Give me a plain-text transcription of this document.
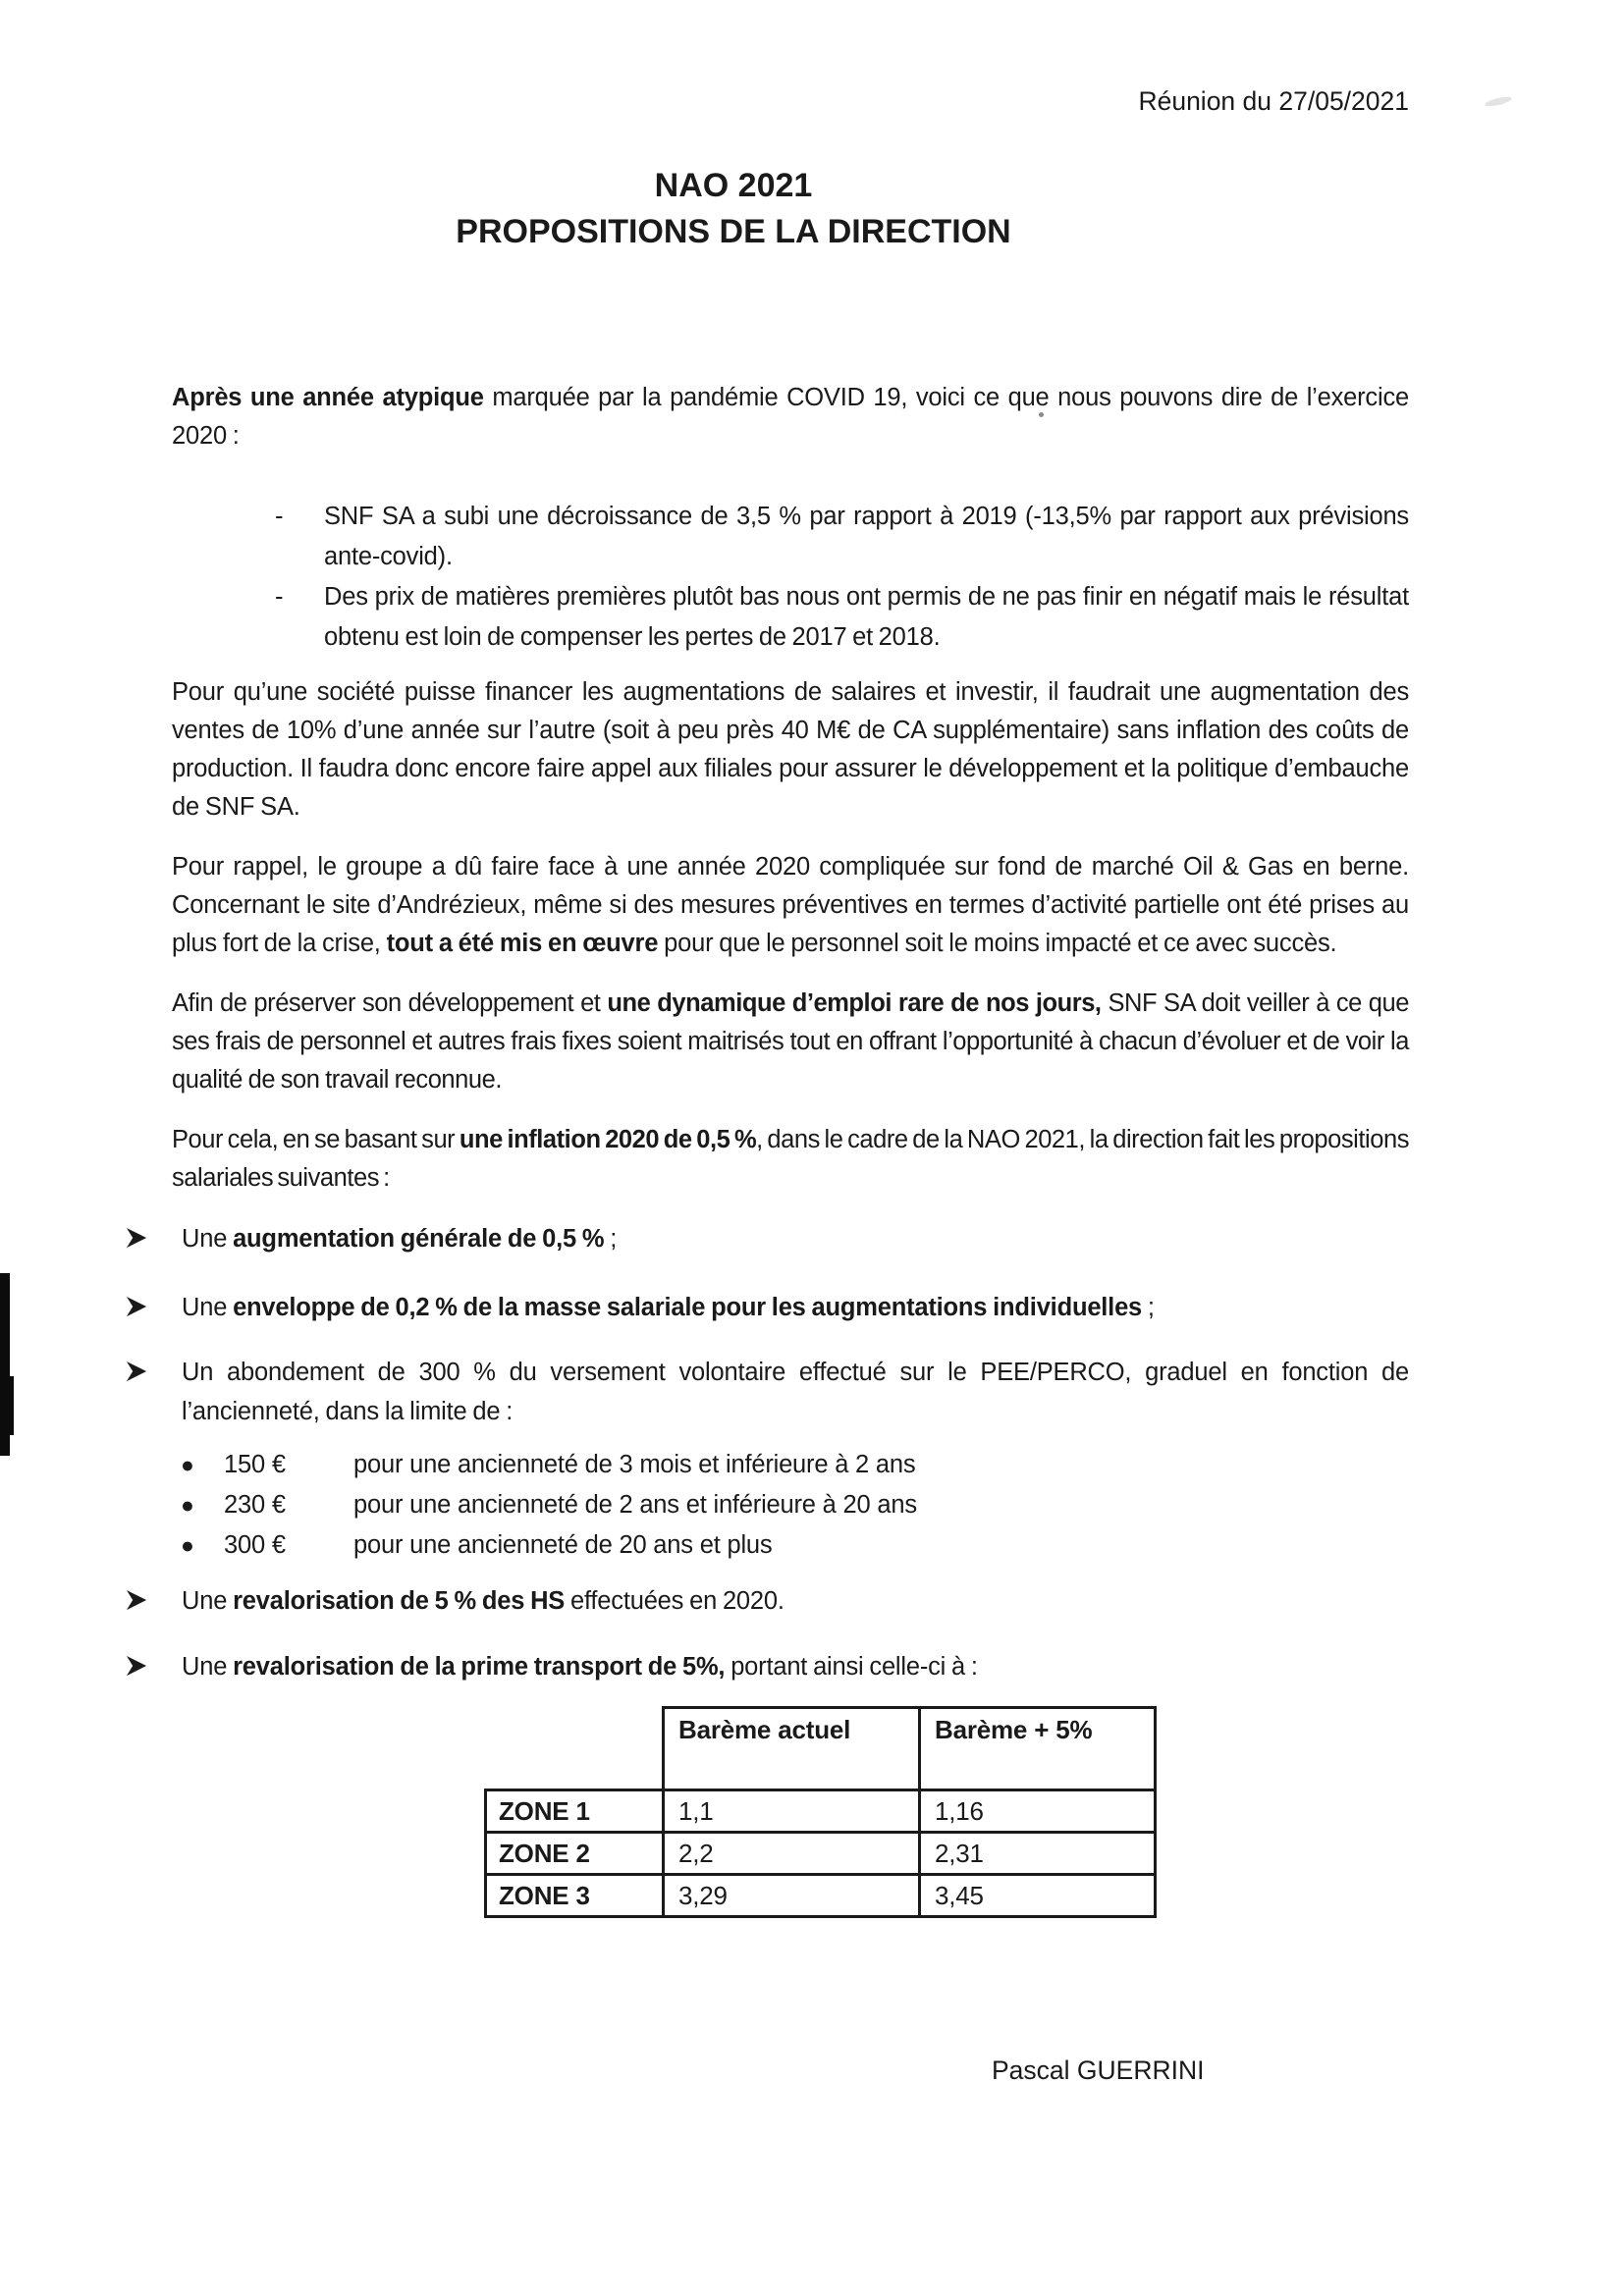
Réunion du 27/05/2021
NAO 2021
PROPOSITIONS DE LA DIRECTION

Après une année atypique marquée par la pandémie COVID 19, voici ce que nous pouvons dire de l’exercice 2020 :

-	SNF SA a subi une décroissance de 3,5 % par rapport à 2019 (-13,5% par rapport aux prévisions ante-covid).
-	Des prix de matières premières plutôt bas nous ont permis de ne pas finir en négatif mais le résultat obtenu est loin de compenser les pertes de 2017 et 2018.

Pour qu’une société puisse financer les augmentations de salaires et investir, il faudrait une augmentation des ventes de 10% d’une année sur l’autre (soit à peu près 40 M€ de CA supplémentaire) sans inflation des coûts de production. Il faudra donc encore faire appel aux filiales pour assurer le développement et la politique d’embauche de SNF SA.

Pour rappel, le groupe a dû faire face à une année 2020 compliquée sur fond de marché Oil & Gas en berne. Concernant le site d’Andrézieux, même si des mesures préventives en termes d’activité partielle ont été prises au plus fort de la crise, tout a été mis en œuvre pour que le personnel soit le moins impacté et ce avec succès.

Afin de préserver son développement et une dynamique d’emploi rare de nos jours, SNF SA doit veiller à ce que ses frais de personnel et autres frais fixes soient maitrisés tout en offrant l’opportunité à chacun d’évoluer et de voir la qualité de son travail reconnue.

Pour cela, en se basant sur une inflation 2020 de 0,5 %, dans le cadre de la NAO 2021, la direction fait les propositions salariales suivantes :

Une augmentation générale de 0,5 % ;
Une enveloppe de 0,2 % de la masse salariale pour les augmentations individuelles ;
Un abondement de 300 % du versement volontaire effectué sur le PEE/PERCO, graduel en fonction de l’ancienneté, dans la limite de :
●	150 €	pour une ancienneté de 3 mois et inférieure à 2 ans
●	230 €	pour une ancienneté de 2 ans et inférieure à 20 ans
●	300 €	pour une ancienneté de 20 ans et plus
Une revalorisation de 5 % des HS effectuées en 2020.
Une revalorisation de la prime transport de 5%, portant ainsi celle-ci à :
	Barème actuel	Barème + 5%
ZONE 1	1,1	1,16
ZONE 2	2,2	2,31
ZONE 3	3,29	3,45
Pascal GUERRINI
